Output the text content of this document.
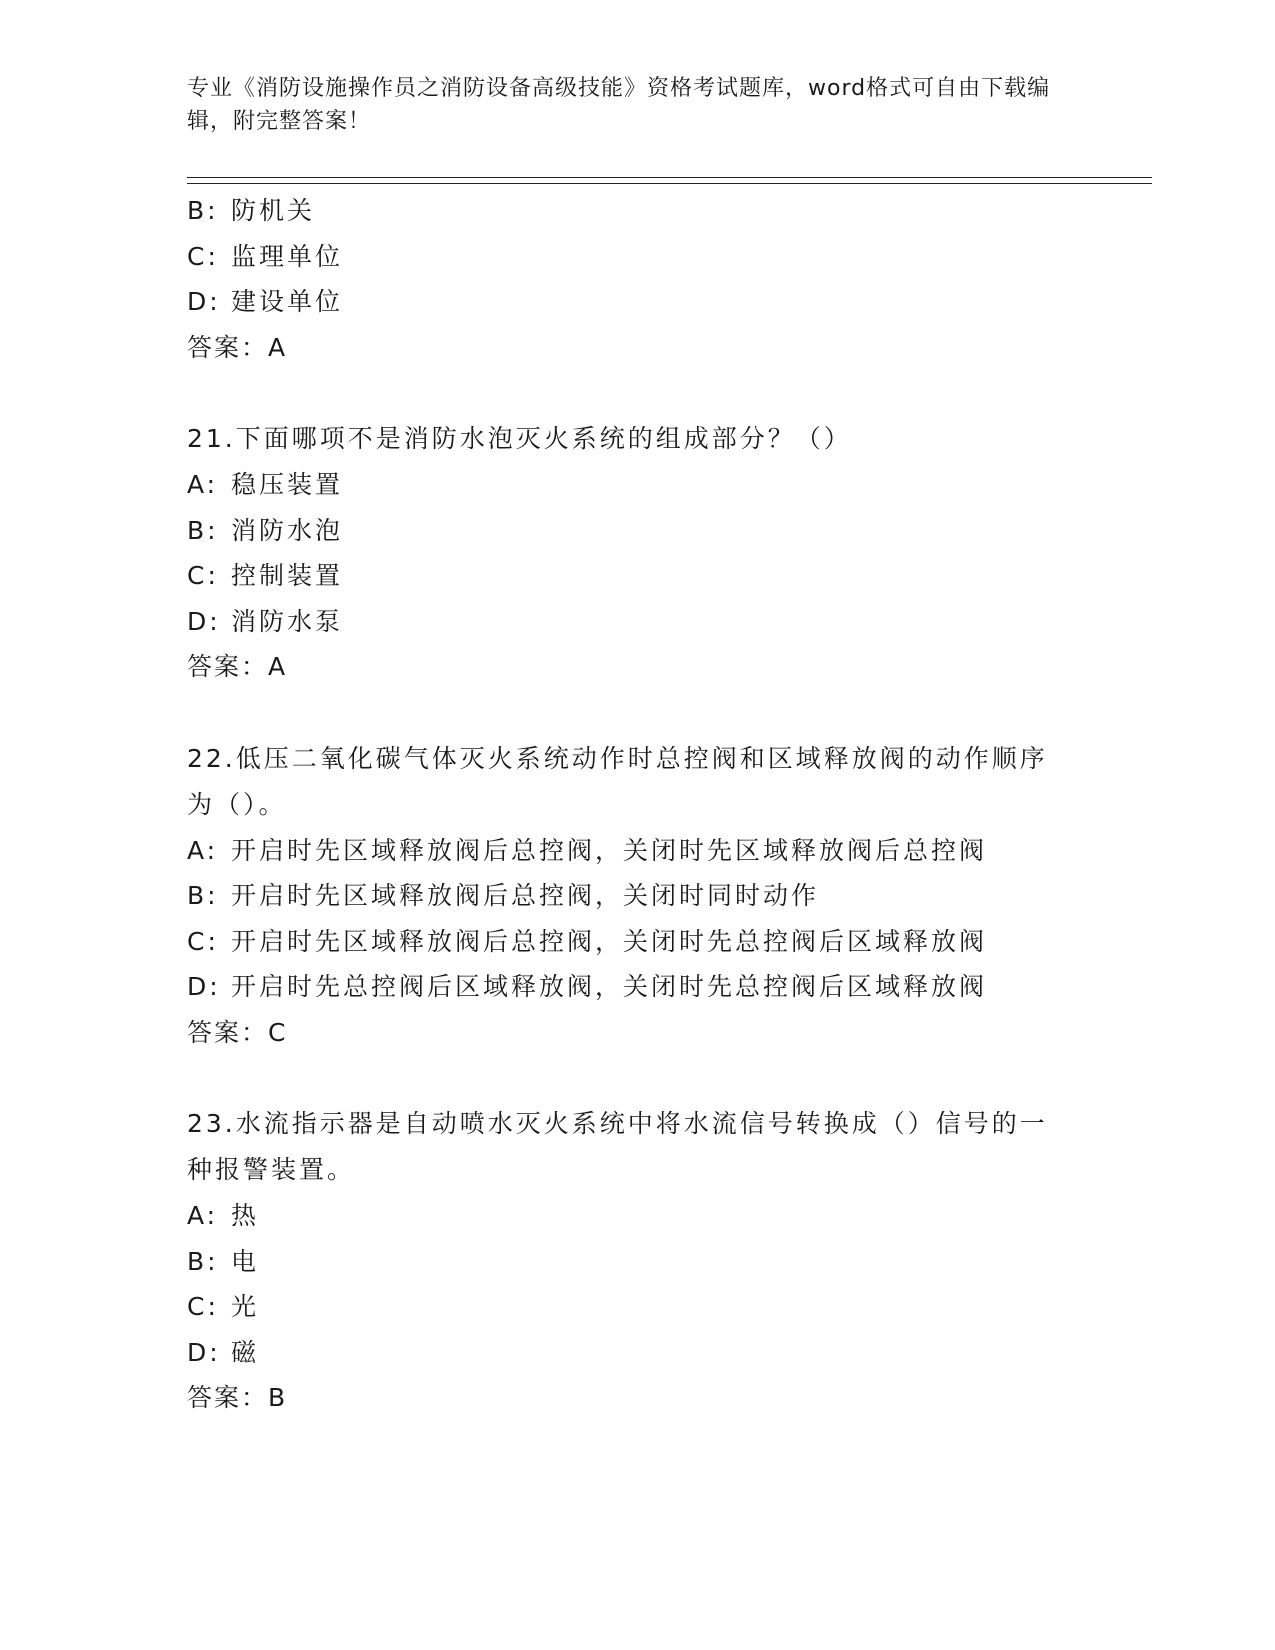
专业《消防设施操作员之消防设备高级技能》资格考试题库，word格式可自由下载编辑，附完整答案！
B: 防机关
C: 监理单位
D: 建设单位
答案：A
21.下面哪项不是消防水泡灭火系统的组成部分？（）
A: 稳压装置
B: 消防水泡
C: 控制装置
D: 消防水泵
答案：A
22.低压二氧化碳气体灭火系统动作时总控阀和区域释放阀的动作顺序
为（）。
A: 开启时先区域释放阀后总控阀，关闭时先区域释放阀后总控阀
B: 开启时先区域释放阀后总控阀，关闭时同时动作
C: 开启时先区域释放阀后总控阀，关闭时先总控阀后区域释放阀
D: 开启时先总控阀后区域释放阀，关闭时先总控阀后区域释放阀
答案：C
23.水流指示器是自动喷水灭火系统中将水流信号转换成（）信号的一
种报警装置。
A: 热
B: 电
C: 光
D: 磁
答案：B
